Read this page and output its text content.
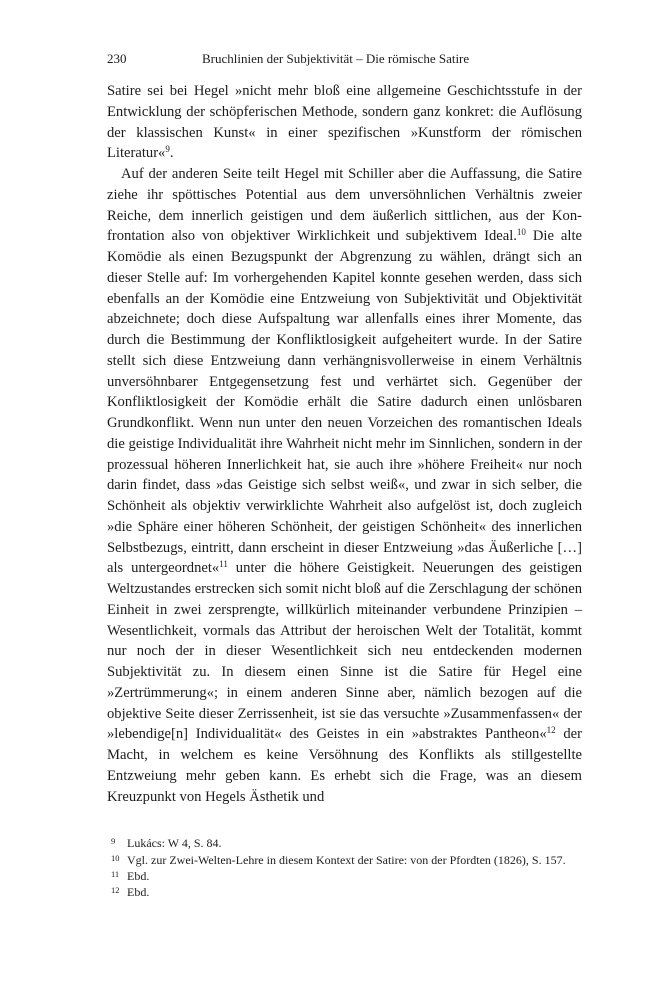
230	Bruchlinien der Subjektivität – Die römische Satire

Satire sei bei Hegel »nicht mehr bloß eine allgemeine Geschichtsstufe in der Entwicklung der schöpferischen Methode, sondern ganz konkret: die Auflösung der klassischen Kunst« in einer spezifischen »Kunstform der römischen Literatur«$^9$.

Auf der anderen Seite teilt Hegel mit Schiller aber die Auffassung, die Satire ziehe ihr spöttisches Potential aus dem unversöhnlichen Verhältnis zweier Reiche, dem innerlich geistigen und dem äußerlich sittlichen, aus der Konfrontation also von objektiver Wirklichkeit und subjektivem Ideal.$^{10}$ Die alte Komödie als einen Bezugspunkt der Abgrenzung zu wählen, drängt sich an dieser Stelle auf: Im vorhergehenden Kapitel konnte gesehen werden, dass sich ebenfalls an der Komödie eine Entzweiung von Subjektivität und Objektivität abzeichnete; doch diese Aufspaltung war allenfalls eines ihrer Momente, das durch die Bestimmung der Konfliktlosigkeit aufgeheitert wurde. In der Satire stellt sich diese Entzweiung dann verhängnisvollerweise in einem Verhältnis unversöhnbarer Entgegensetzung fest und verhärtet sich. Gegenüber der Konfliktlosigkeit der Komödie erhält die Satire dadurch einen unlösbaren Grundkonflikt. Wenn nun unter den neuen Vorzeichen des romantischen Ideals die geistige Individualität ihre Wahrheit nicht mehr im Sinnlichen, sondern in der prozessual höheren Innerlichkeit hat, sie auch ihre »höhere Freiheit« nur noch darin findet, dass »das Geistige sich selbst weiß«, und zwar in sich selber, die Schönheit als objektiv verwirklichte Wahrheit also aufgelöst ist, doch zugleich »die Sphäre einer höheren Schönheit, der geistigen Schönheit« des innerlichen Selbstbezugs, eintritt, dann erscheint in dieser Entzweiung »das Äußerliche […] als untergeordnet«$^{11}$ unter die höhere Geistigkeit. Neuerungen des geistigen Weltzustandes erstrecken sich somit nicht bloß auf die Zerschlagung der schönen Einheit in zwei zersprengte, willkürlich miteinander verbundene Prinzipien – Wesentlichkeit, vormals das Attribut der heroischen Welt der Totalität, kommt nur noch der in dieser Wesentlichkeit sich neu entdeckenden modernen Subjektivität zu. In diesem einen Sinne ist die Satire für Hegel eine »Zertrümmerung«; in einem anderen Sinne aber, nämlich bezogen auf die objektive Seite dieser Zerrissenheit, ist sie das versuchte »Zusammenfassen« der »lebendige[n] Individualität« des Geistes in ein »abstraktes Pantheon«$^{12}$ der Macht, in welchem es keine Versöhnung des Konflikts als stillgestellte Entzweiung mehr geben kann. Es erhebt sich die Frage, was an diesem Kreuzpunkt von Hegels Ästhetik und

9 Lukács: W 4, S. 84.

10 Vgl. zur Zwei-Welten-Lehre in diesem Kontext der Satire: von der Pfordten (1826), S. 157.

11 Ebd.

12 Ebd.
